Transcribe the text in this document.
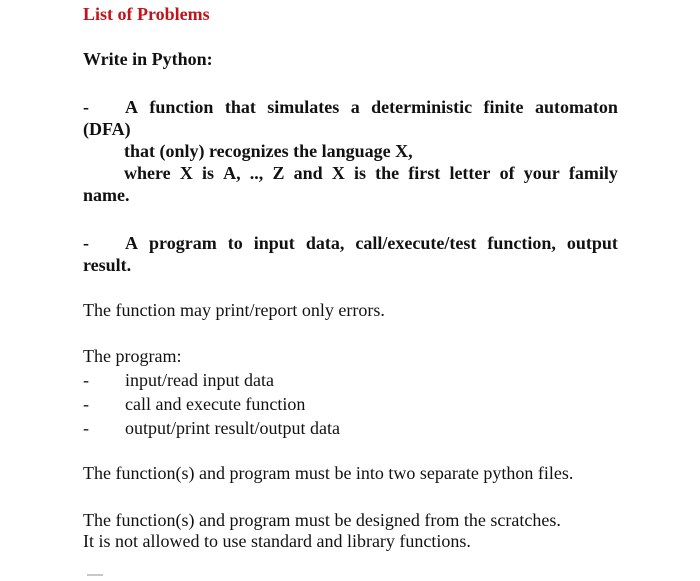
List of Problems
Write in Python:
- A function that simulates a deterministic finite automaton
(DFA)
that (only) recognizes the language X,
where X is A, .., Z and X is the first letter of your family
name.
- A program to input data, call/execute/test function, output
result.
The function may print/report only errors.
The program:
- input/read input data
- call and execute function
- output/print result/output data
The function(s) and program must be into two separate python files.
The function(s) and program must be designed from the scratches.
It is not allowed to use standard and library functions.
